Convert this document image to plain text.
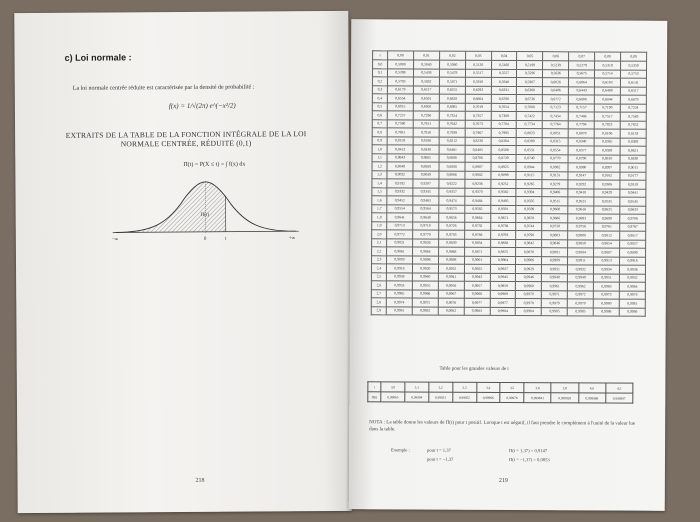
c) Loi normale :
La loi normale centrée réduite est caractérisée par la densité de probabilité :
f(x) = 1/√(2π) e^(−x²/2)
EXTRAITS DE LA TABLE DE LA FONCTION INTÉGRALE DE LA LOI NORMALE CENTRÉE, RÉDUITE (0,1)
Π(t) = P(X ≤ t) = ∫ f(x) dx
Π(t)
−∞	0	t	+∞
218
t	0,00	0,01	0,02	0,03	0,04	0,05	0,06	0,07	0,08	0,09
0,0	0,5000	0,5040	0,5080	0,5120	0,5160	0,5199	0,5239	0,5279	0,5319	0,5359
0,1	0,5398	0,5438	0,5478	0,5517	0,5557	0,5596	0,5636	0,5675	0,5714	0,5753
0,2	0,5793	0,5832	0,5871	0,5910	0,5948	0,5987	0,6026	0,6064	0,6103	0,6141
0,3	0,6179	0,6217	0,6255	0,6293	0,6331	0,6368	0,6406	0,6443	0,6480	0,6517
0,4	0,6554	0,6591	0,6628	0,6664	0,6700	0,6736	0,6772	0,6808	0,6844	0,6879
0,5	0,6915	0,6950	0,6985	0,7019	0,7054	0,7088	0,7123	0,7157	0,7190	0,7224
0,6	0,7257	0,7290	0,7324	0,7357	0,7389	0,7422	0,7454	0,7486	0,7517	0,7549
0,7	0,7580	0,7611	0,7642	0,7673	0,7704	0,7734	0,7764	0,7794	0,7823	0,7852
0,8	0,7881	0,7910	0,7939	0,7967	0,7995	0,8023	0,8051	0,8078	0,8106	0,8133
0,9	0,8159	0,8186	0,8212	0,8238	0,8264	0,8289	0,8315	0,8340	0,8365	0,8389
1,0	0,8413	0,8438	0,8461	0,8485	0,8508	0,8531	0,8554	0,8577	0,8599	0,8621
1,1	0,8643	0,8665	0,8686	0,8708	0,8729	0,8749	0,8770	0,8790	0,8810	0,8830
1,2	0,8849	0,8869	0,8888	0,8907	0,8925	0,8944	0,8962	0,8980	0,8997	0,9015
1,3	0,9032	0,9049	0,9066	0,9082	0,9099	0,9115	0,9131	0,9147	0,9162	0,9177
1,4	0,9192	0,9207	0,9222	0,9236	0,9251	0,9265	0,9279	0,9292	0,9306	0,9319
1,5	0,9332	0,9345	0,9357	0,9370	0,9382	0,9394	0,9406	0,9418	0,9429	0,9441
1,6	0,9452	0,9463	0,9474	0,9484	0,9495	0,9505	0,9515	0,9525	0,9535	0,9545
1,7	0,9554	0,9564	0,9573	0,9582	0,9591	0,9599	0,9608	0,9616	0,9625	0,9633
1,8	0,9641	0,9649	0,9656	0,9664	0,9671	0,9678	0,9686	0,9693	0,9699	0,9706
1,9	0,9713	0,9719	0,9726	0,9732	0,9738	0,9744	0,9750	0,9756	0,9761	0,9767
2,0	0,9772	0,9779	0,9783	0,9788	0,9793	0,9798	0,9803	0,9808	0,9812	0,9817
2,1	0,9821	0,9826	0,9830	0,9834	0,9838	0,9842	0,9846	0,9850	0,9854	0,9857
2,2	0,9861	0,9864	0,9868	0,9871	0,9875	0,9878	0,9881	0,9884	0,9887	0,9890
2,3	0,9893	0,9896	0,9898	0,9901	0,9904	0,9906	0,9909	0,9911	0,9913	0,9916
2,4	0,9918	0,9920	0,9922	0,9925	0,9927	0,9929	0,9931	0,9932	0,9934	0,9936
2,5	0,9938	0,9940	0,9941	0,9943	0,9945	0,9946	0,9948	0,9949	0,9951	0,9952
2,6	0,9953	0,9955	0,9956	0,9957	0,9959	0,9960	0,9961	0,9962	0,9963	0,9964
2,7	0,9965	0,9966	0,9967	0,9968	0,9969	0,9970	0,9971	0,9972	0,9973	0,9974
2,8	0,9974	0,9975	0,9976	0,9977	0,9977	0,9978	0,9979	0,9979	0,9980	0,9981
2,9	0,9981	0,9982	0,9982	0,9983	0,9984	0,9984	0,9985	0,9985	0,9986	0,9986
Table pour les grandes valeurs de t
t	3,0	3,1	3,2	3,3	3,4	3,5	3,6	3,8	4,0	4,5
Π(t)	0,99865	0,99904	0,99931	0,99952	0,99966	0,99976	0,999841	0,999928	0,999968	0,999997
NOTA : La table donne les valeurs de Π(t) pour t positif. Lorsque t est négatif, il faut prendre le complément à l'unité de la valeur lue dans la table.
Exemple :	pour t = 1,37	Π(t = 1,37) = 0,9147
pour t = −1,37	Π(t = −1,37) = 0,0853
219
